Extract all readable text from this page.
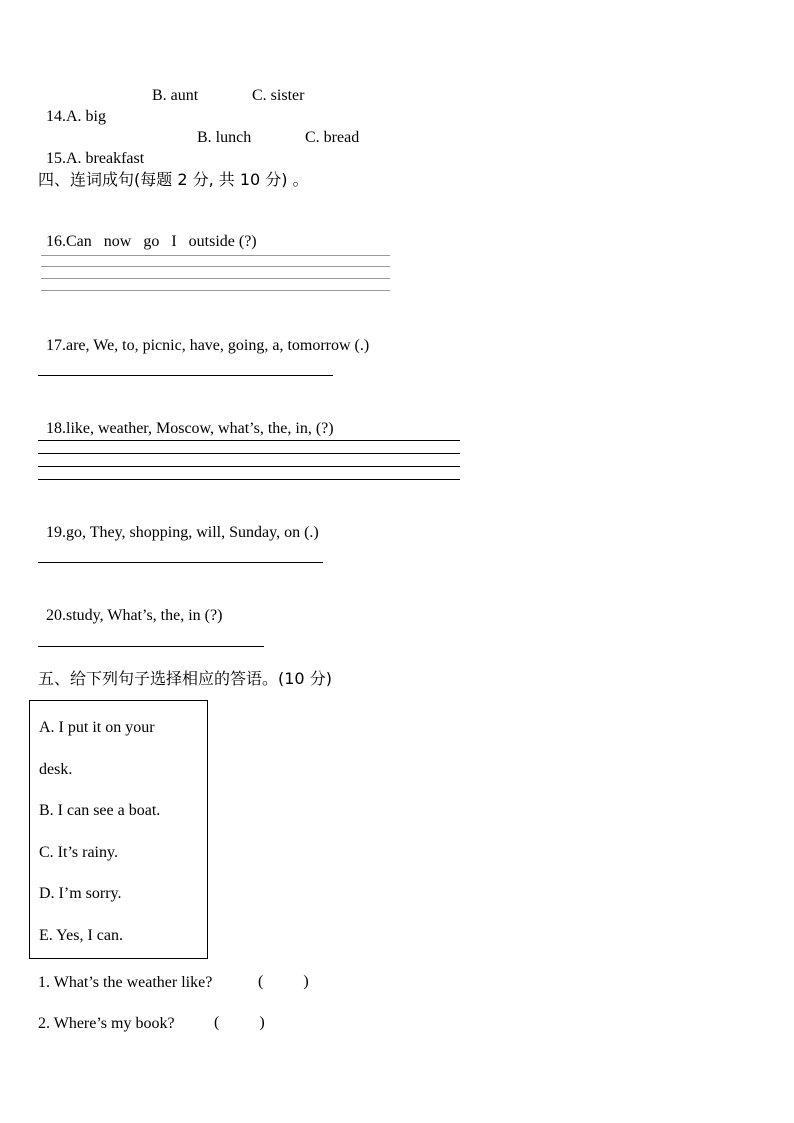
14.A. big

B. aunt	C. sister

15.A. breakfast

B. lunch	C. bread
四、连词成句(每题 2 分, 共 10 分) 。

16.Can   now   go   I   outside (?)

17.are, We, to, picnic, have, going, a, tomorrow (.)

18.like, weather, Moscow, what’s, the, in, (?)

19.go, They, shopping, will, Sunday, on (.)

20.study, What’s, the, in (?)

五、给下列句子选择相应的答语。(10 分)
A. I put it on your
desk.
B. I can see a boat.
C. It’s rainy.
D. I’m sorry.
E. Yes, I can.
1. What’s the weather like?	(          )
2. Where’s my book? (          )
